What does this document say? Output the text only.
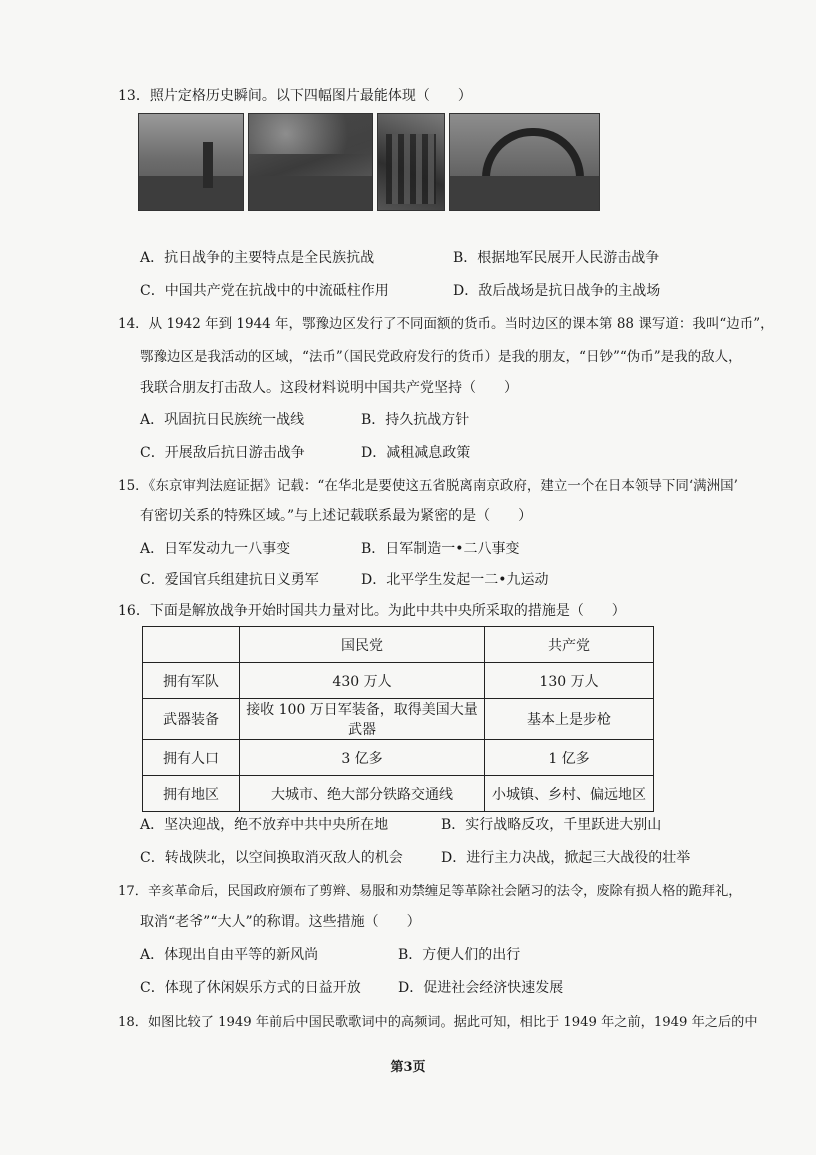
13．照片定格历史瞬间。以下四幅图片最能体现（　　）
A．抗日战争的主要特点是全民族抗战	B．根据地军民展开人民游击战争
C．中国共产党在抗战中的中流砥柱作用	D．敌后战场是抗日战争的主战场
14．从 1942 年到 1944 年，鄂豫边区发行了不同面额的货币。当时边区的课本第 88 课写道：我叫“边币”，
鄂豫边区是我活动的区域，“法币”（国民党政府发行的货币）是我的朋友，“日钞”“伪币”是我的敌人，
我联合朋友打击敌人。这段材料说明中国共产党坚持（　　）
A．巩固抗日民族统一战线	B．持久抗战方针
C．开展敌后抗日游击战争	D．减租减息政策
15．《东京审判法庭证据》记载：“在华北是要使这五省脱离南京政府，建立一个在日本领导下同‘满洲国’
有密切关系的特殊区域。”与上述记载联系最为紧密的是（　　）
A．日军发动九一八事变	B．日军制造一•二八事变
C．爱国官兵组建抗日义勇军	D．北平学生发起一二•九运动
16．下面是解放战争开始时国共力量对比。为此中共中央所采取的措施是（　　）
	国民党	共产党
拥有军队	430 万人	130 万人
武器装备	接收 100 万日军装备，取得美国大量武器	基本上是步枪
拥有人口	3 亿多	1 亿多
拥有地区	大城市、绝大部分铁路交通线	小城镇、乡村、偏远地区
A．坚决迎战，绝不放弃中共中央所在地	B．实行战略反攻，千里跃进大别山
C．转战陕北，以空间换取消灭敌人的机会	D．进行主力决战，掀起三大战役的壮举
17．辛亥革命后，民国政府颁布了剪辫、易服和劝禁缠足等革除社会陋习的法令，废除有损人格的跪拜礼，
取消“老爷”“大人”的称谓。这些措施（　　）
A．体现出自由平等的新风尚	B．方便人们的出行
C．体现了休闲娱乐方式的日益开放	D．促进社会经济快速发展
18．如图比较了 1949 年前后中国民歌歌词中的高频词。据此可知，相比于 1949 年之前，1949 年之后的中
第3页
